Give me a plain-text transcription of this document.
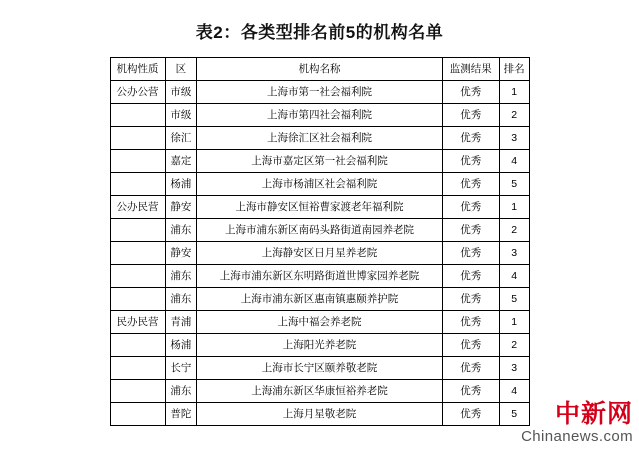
表2：各类型排名前5的机构名单
机构性质	区	机构名称	监测结果	排名
公办公营	市级	上海市第一社会福利院	优秀	1
	市级	上海市第四社会福利院	优秀	2
	徐汇	上海徐汇区社会福利院	优秀	3
	嘉定	上海市嘉定区第一社会福利院	优秀	4
	杨浦	上海市杨浦区社会福利院	优秀	5
公办民营	静安	上海市静安区恒裕曹家渡老年福利院	优秀	1
	浦东	上海市浦东新区南码头路街道南园养老院	优秀	2
	静安	上海静安区日月星养老院	优秀	3
	浦东	上海市浦东新区东明路街道世博家园养老院	优秀	4
	浦东	上海市浦东新区惠南镇惠颐养护院	优秀	5
民办民营	青浦	上海中福会养老院	优秀	1
	杨浦	上海阳光养老院	优秀	2
	长宁	上海市长宁区颐养敬老院	优秀	3
	浦东	上海浦东新区华康恒裕养老院	优秀	4
	普陀	上海月星敬老院	优秀	5	中新网
Chinanews.com
